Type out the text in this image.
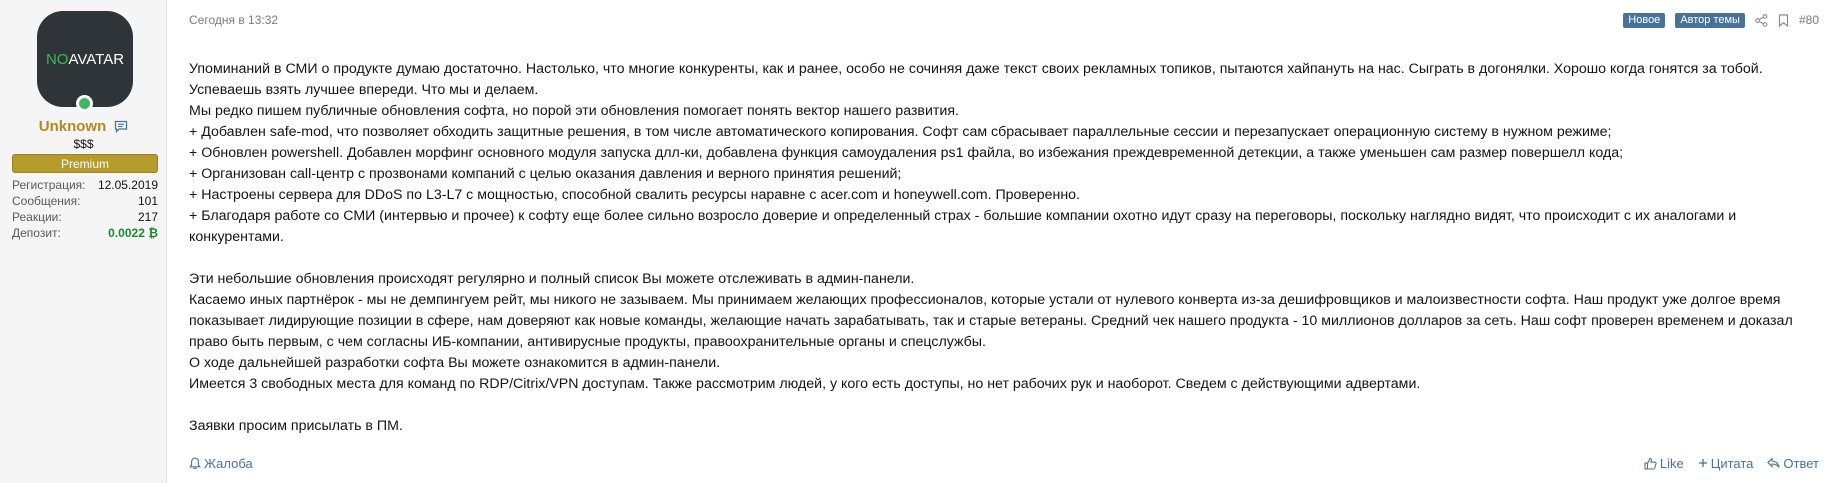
NO AVATAR
Unknown
$$$
Premium
Регистрация: 12.05.2019
Сообщения:	101
Реакции:	217
Депозит:	0.0022 ₿
Сегодня в 13:32	Новое	Автор темы	#80

Упоминаний в СМИ о продукте думаю достаточно. Настолько, что многие конкуренты, как и ранее, особо не сочиняя даже текст своих рекламных топиков, пытаются хайпануть на нас. Сыграть в догонялки. Хорошо когда гонятся за тобой. Успеваешь взять лучшее впереди. Что мы и делаем.

Мы редко пишем публичные обновления софта, но порой эти обновления помогает понять вектор нашего развития.

+ Добавлен safe-mod, что позволяет обходить защитные решения, в том числе автоматического копирования. Софт сам сбрасывает параллельные сессии и перезапускает операционную систему в нужном режиме;

+ Обновлен powershell. Добавлен морфинг основного модуля запуска длл-ки, добавлена функция самоудаления ps1 файла, во избежания преждевременной детекции, а также уменьшен сам размер повершелл кода;

+ Организован call-центр с прозвонами компаний с целью оказания давления и верного принятия решений;

+ Настроены сервера для DDoS по L3-L7 с мощностью, способной свалить ресурсы наравне с acer.com и honeywell.com. Проверенно.

+ Благодаря работе со СМИ (интервью и прочее) к софту еще более сильно возросло доверие и определенный страх - большие компании охотно идут сразу на переговоры, поскольку наглядно видят, что происходит с их аналогами и конкурентами.

Эти небольшие обновления происходят регулярно и полный список Вы можете отслеживать в админ-панели.

Касаемо иных партнёрок - мы не демпингуем рейт, мы никого не зазываем. Мы принимаем желающих профессионалов, которые устали от нулевого конверта из-за дешифровщиков и малоизвестности софта. Наш продукт уже долгое время показывает лидирующие позиции в сфере, нам доверяют как новые команды, желающие начать зарабатывать, так и старые ветераны. Средний чек нашего продукта - 10 миллионов долларов за сеть. Наш софт проверен временем и доказал право быть первым, с чем согласны ИБ-компании, антивирусные продукты, правоохранительные органы и спецслужбы.

О ходе дальнейшей разработки софта Вы можете ознакомится в админ-панели.

Имеется 3 свободных места для команд по RDP/Citrix/VPN доступам. Также рассмотрим людей, у кого есть доступы, но нет рабочих рук и наоборот. Сведем с действующими адвертами.

Заявки просим присылать в ПМ.

Жалоба	Like Цитата Ответ
